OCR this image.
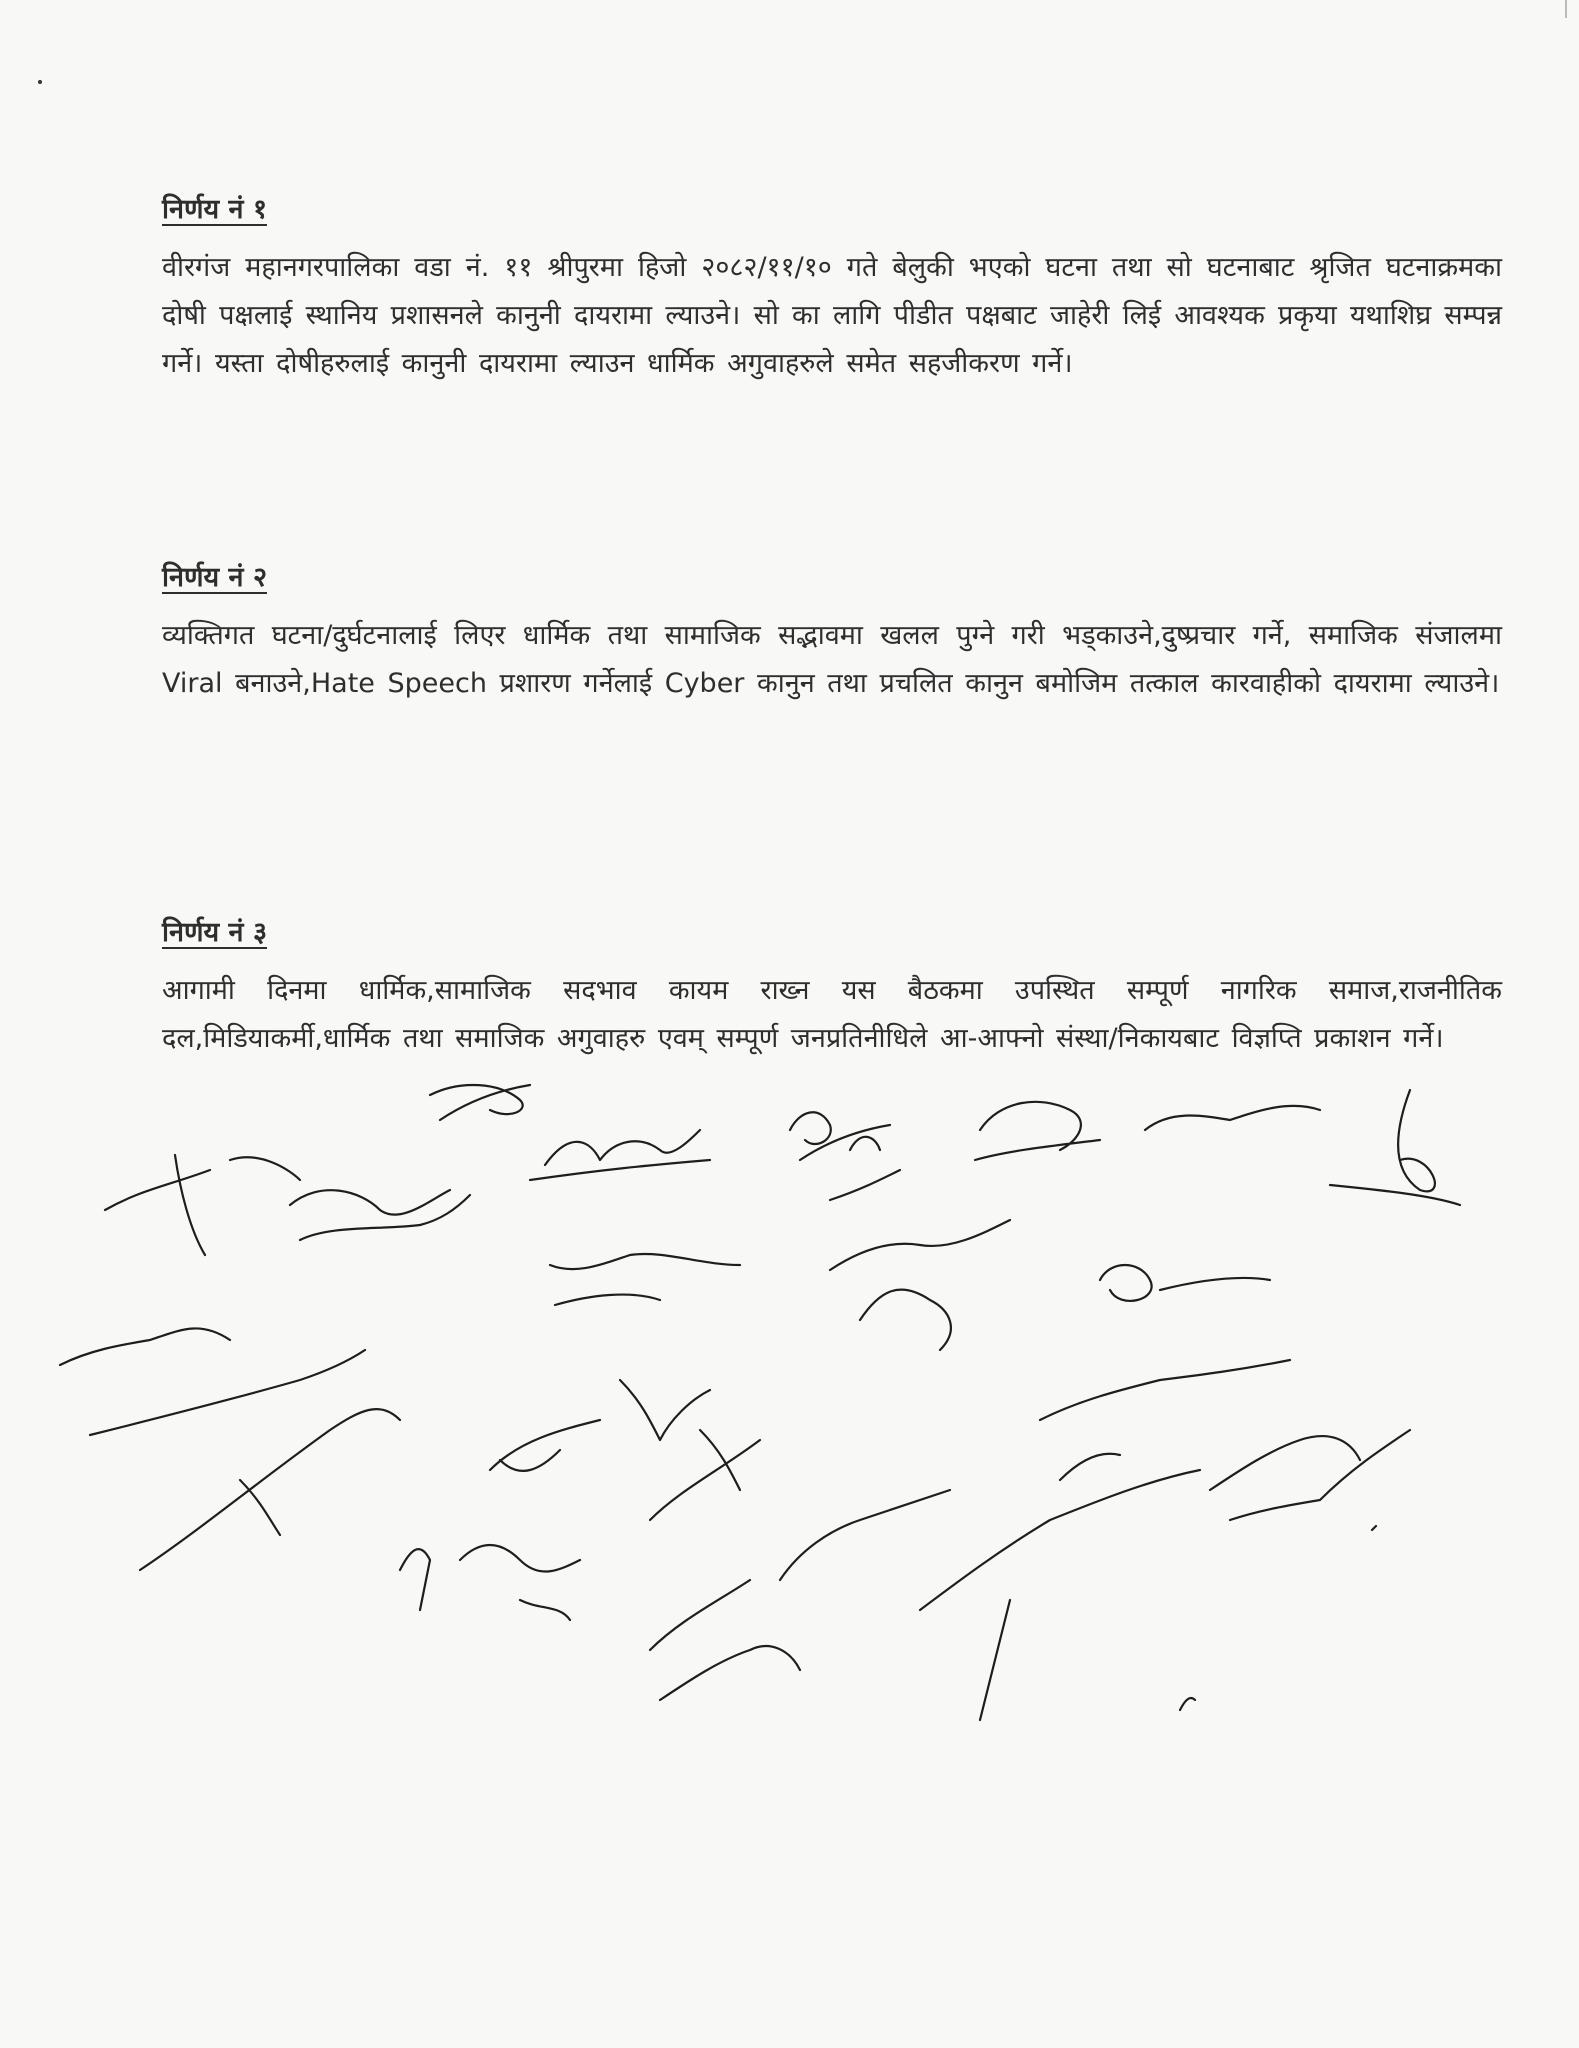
निर्णय नं १

वीरगंज महानगरपालिका वडा नं. ११ श्रीपुरमा हिजो २०८२/११/१० गते बेलुकी भएको घटना तथा सो घटनाबाट श्रृजित घटनाक्रमका दोषी पक्षलाई स्थानिय प्रशासनले कानुनी दायरामा ल्याउने। सो का लागि पीडीत पक्षबाट जाहेरी लिई आवश्यक प्रकृया यथाशिघ्र सम्पन्न गर्ने। यस्ता दोषीहरुलाई कानुनी दायरामा ल्याउन धार्मिक अगुवाहरुले समेत सहजीकरण गर्ने।

निर्णय नं २

व्यक्तिगत घटना/दुर्घटनालाई लिएर धार्मिक तथा सामाजिक सद्भावमा खलल पुग्ने गरी भड्काउने,दुष्प्रचार गर्ने, समाजिक संजालमा Viral बनाउने,Hate Speech प्रशारण गर्नेलाई Cyber कानुन तथा प्रचलित कानुन बमोजिम तत्काल कारवाहीको दायरामा ल्याउने।

निर्णय नं ३

आगामी दिनमा धार्मिक,सामाजिक सदभाव कायम राख्न यस बैठकमा उपस्थित सम्पूर्ण नागरिक समाज,राजनीतिक दल,मिडियाकर्मी,धार्मिक तथा समाजिक अगुवाहरु एवम् सम्पूर्ण जनप्रतिनीधिले आ-आफ्नो संस्था/निकायबाट विज्ञप्ति प्रकाशन गर्ने।
